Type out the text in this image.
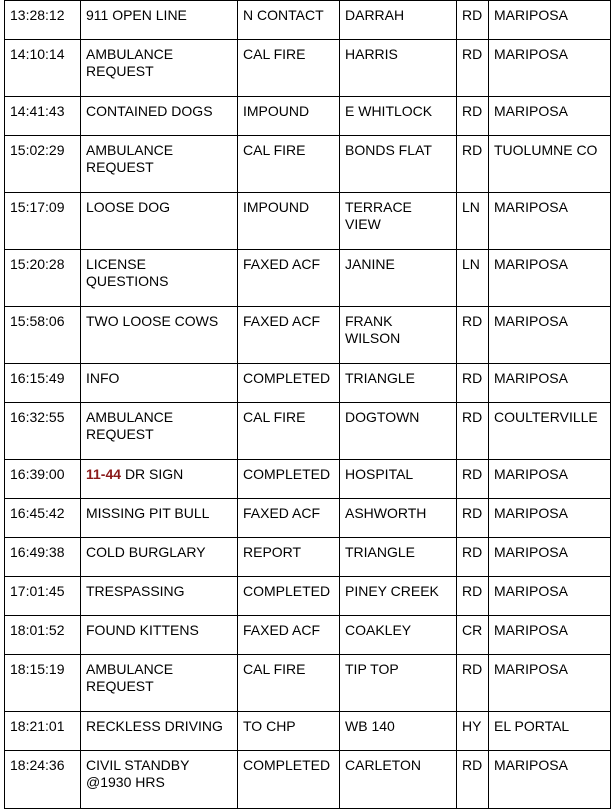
13:28:12	911 OPEN LINE	N CONTACT	DARRAH	RD	MARIPOSA
14:10:14	AMBULANCE REQUEST	CAL FIRE	HARRIS	RD	MARIPOSA
14:41:43	CONTAINED DOGS	IMPOUND	E WHITLOCK	RD	MARIPOSA
15:02:29	AMBULANCE REQUEST	CAL FIRE	BONDS FLAT	RD	TUOLUMNE CO
15:17:09	LOOSE DOG	IMPOUND	TERRACE VIEW	LN	MARIPOSA
15:20:28	LICENSE QUESTIONS	FAXED ACF	JANINE	LN	MARIPOSA
15:58:06	TWO LOOSE COWS	FAXED ACF	FRANK WILSON	RD	MARIPOSA
16:15:49	INFO	COMPLETED	TRIANGLE	RD	MARIPOSA
16:32:55	AMBULANCE REQUEST	CAL FIRE	DOGTOWN	RD	COULTERVILLE
16:39:00	11-44 DR SIGN	COMPLETED	HOSPITAL	RD	MARIPOSA
16:45:42	MISSING PIT BULL	FAXED ACF	ASHWORTH	RD	MARIPOSA
16:49:38	COLD BURGLARY	REPORT	TRIANGLE	RD	MARIPOSA
17:01:45	TRESPASSING	COMPLETED	PINEY CREEK	RD	MARIPOSA
18:01:52	FOUND KITTENS	FAXED ACF	COAKLEY	CR	MARIPOSA
18:15:19	AMBULANCE REQUEST	CAL FIRE	TIP TOP	RD	MARIPOSA
18:21:01	RECKLESS DRIVING	TO CHP	WB 140	HY	EL PORTAL
18:24:36	CIVIL STANDBY @1930 HRS	COMPLETED	CARLETON	RD	MARIPOSA
